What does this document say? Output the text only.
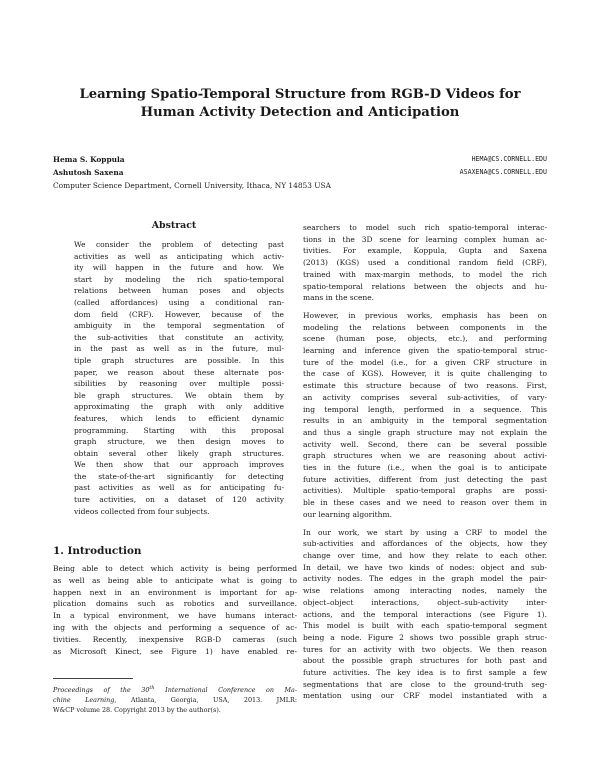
Learning Spatio-Temporal Structure from RGB-D Videos for
Human Activity Detection and Anticipation
Hema S. Koppula	HEMA@CS.CORNELL.EDU
Ashutosh Saxena	ASAXENA@CS.CORNELL.EDU
Computer Science Department, Cornell University, Ithaca, NY 14853 USA
Abstract
We consider the problem of detecting past
activities as well as anticipating which activ-
ity will happen in the future and how. We
start by modeling the rich spatio-temporal
relations between human poses and objects
(called affordances) using a conditional ran-
dom field (CRF). However, because of the
ambiguity in the temporal segmentation of
the sub-activities that constitute an activity,
in the past as well as in the future, mul-
tiple graph structures are possible. In this
paper, we reason about these alternate pos-
sibilities by reasoning over multiple possi-
ble graph structures. We obtain them by
approximating the graph with only additive
features, which lends to efficient dynamic
programming. Starting with this proposal
graph structure, we then design moves to
obtain several other likely graph structures.
We then show that our approach improves
the state-of-the-art significantly for detecting
past activities as well as for anticipating fu-
ture activities, on a dataset of 120 activity
videos collected from four subjects.
1. Introduction
Being able to detect which activity is being performed
as well as being able to anticipate what is going to
happen next in an environment is important for ap-
plication domains such as robotics and surveillance.
In a typical environment, we have humans interact-
ing with the objects and performing a sequence of ac-
tivities. Recently, inexpensive RGB-D cameras (such
as Microsoft Kinect, see Figure 1) have enabled re-
Proceedings of the 30th International Conference on Ma-
chine Learning, Atlanta, Georgia, USA, 2013. JMLR:
W&CP volume 28. Copyright 2013 by the author(s).
searchers to model such rich spatio-temporal interac-
tions in the 3D scene for learning complex human ac-
tivities. For example, Koppula, Gupta and Saxena
(2013) (KGS) used a conditional random field (CRF),
trained with max-margin methods, to model the rich
spatio-temporal relations between the objects and hu-
mans in the scene.
However, in previous works, emphasis has been on
modeling the relations between components in the
scene (human pose, objects, etc.), and performing
learning and inference given the spatio-temporal struc-
ture of the model (i.e., for a given CRF structure in
the case of KGS). However, it is quite challenging to
estimate this structure because of two reasons. First,
an activity comprises several sub-activities, of vary-
ing temporal length, performed in a sequence. This
results in an ambiguity in the temporal segmentation
and thus a single graph structure may not explain the
activity well. Second, there can be several possible
graph structures when we are reasoning about activi-
ties in the future (i.e., when the goal is to anticipate
future activities, different from just detecting the past
activities). Multiple spatio-temporal graphs are possi-
ble in these cases and we need to reason over them in
our learning algorithm.
In our work, we start by using a CRF to model the
sub-activities and affordances of the objects, how they
change over time, and how they relate to each other.
In detail, we have two kinds of nodes: object and sub-
activity nodes. The edges in the graph model the pair-
wise relations among interacting nodes, namely the
object–object interactions, object–sub-activity inter-
actions, and the temporal interactions (see Figure 1).
This model is built with each spatio-temporal segment
being a node. Figure 2 shows two possible graph struc-
tures for an activity with two objects. We then reason
about the possible graph structures for both past and
future activities. The key idea is to first sample a few
segmentations that are close to the ground-truth seg-
mentation using our CRF model instantiated with a
